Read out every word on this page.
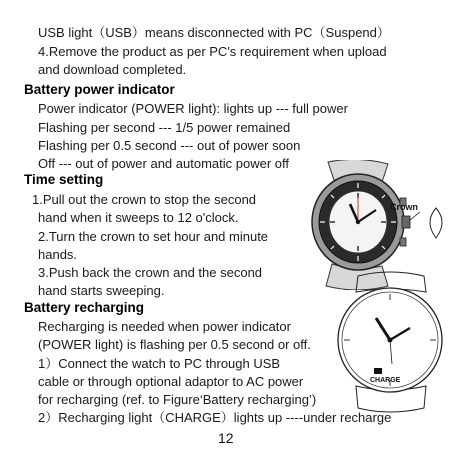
USB light（USB）means disconnected with PC（Suspend）
4.Remove the product as per PC's requirement when upload
and download completed.
Battery power indicator
Power indicator (POWER light): lights up --- full power
Flashing per second --- 1/5 power remained
Flashing per 0.5 second --- out of power soon
Off --- out of power and automatic power off
Time setting
1.Pull out the crown to stop the second
hand when it sweeps to 12 o'clock.
2.Turn the crown to set hour and minute
hands.
3.Push back the crown and the second
hand starts sweeping.
Battery recharging
Recharging is needed when power indicator
(POWER light) is flashing per 0.5 second or off.
1）Connect the watch to PC through USB
cable or through optional adaptor to AC power
for recharging (ref. to Figure‘Battery recharging’)
2）Recharging light（CHARGE）lights up ----under recharge
12
Crown
CHARGE
